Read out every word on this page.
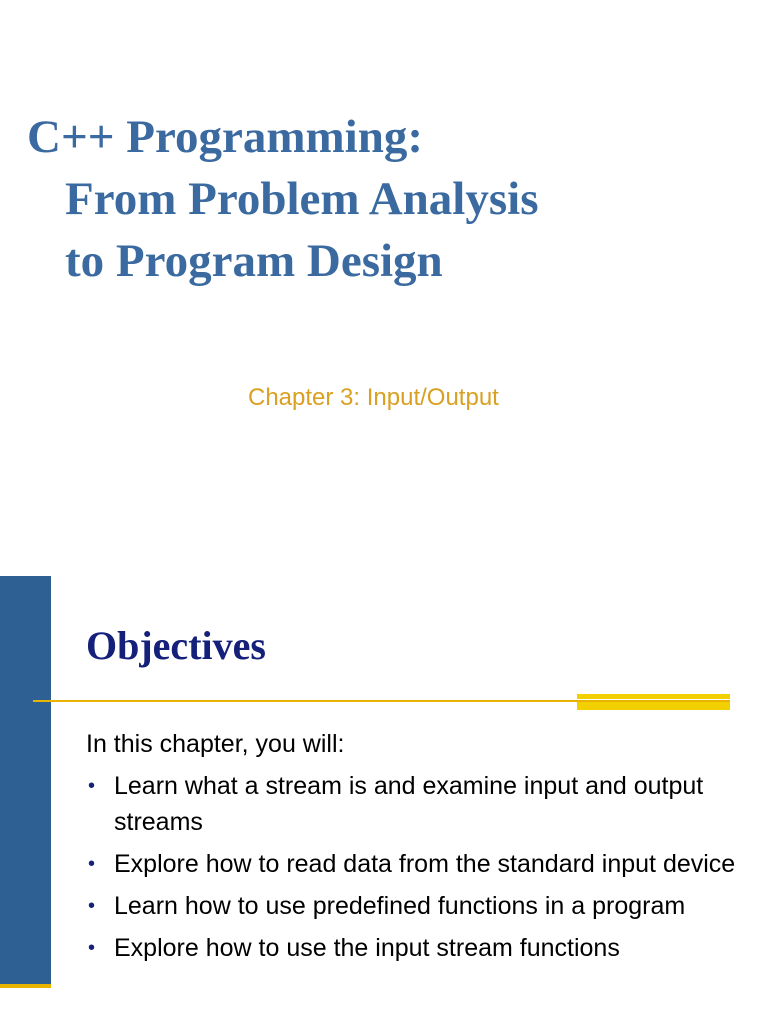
C++ Programming:
From Problem Analysis
to Program Design
Chapter 3: Input/Output
Objectives
In this chapter, you will:
• Learn what a stream is and examine input and output streams
• Explore how to read data from the standard input device
• Learn how to use predefined functions in a program
• Explore how to use the input stream functions
